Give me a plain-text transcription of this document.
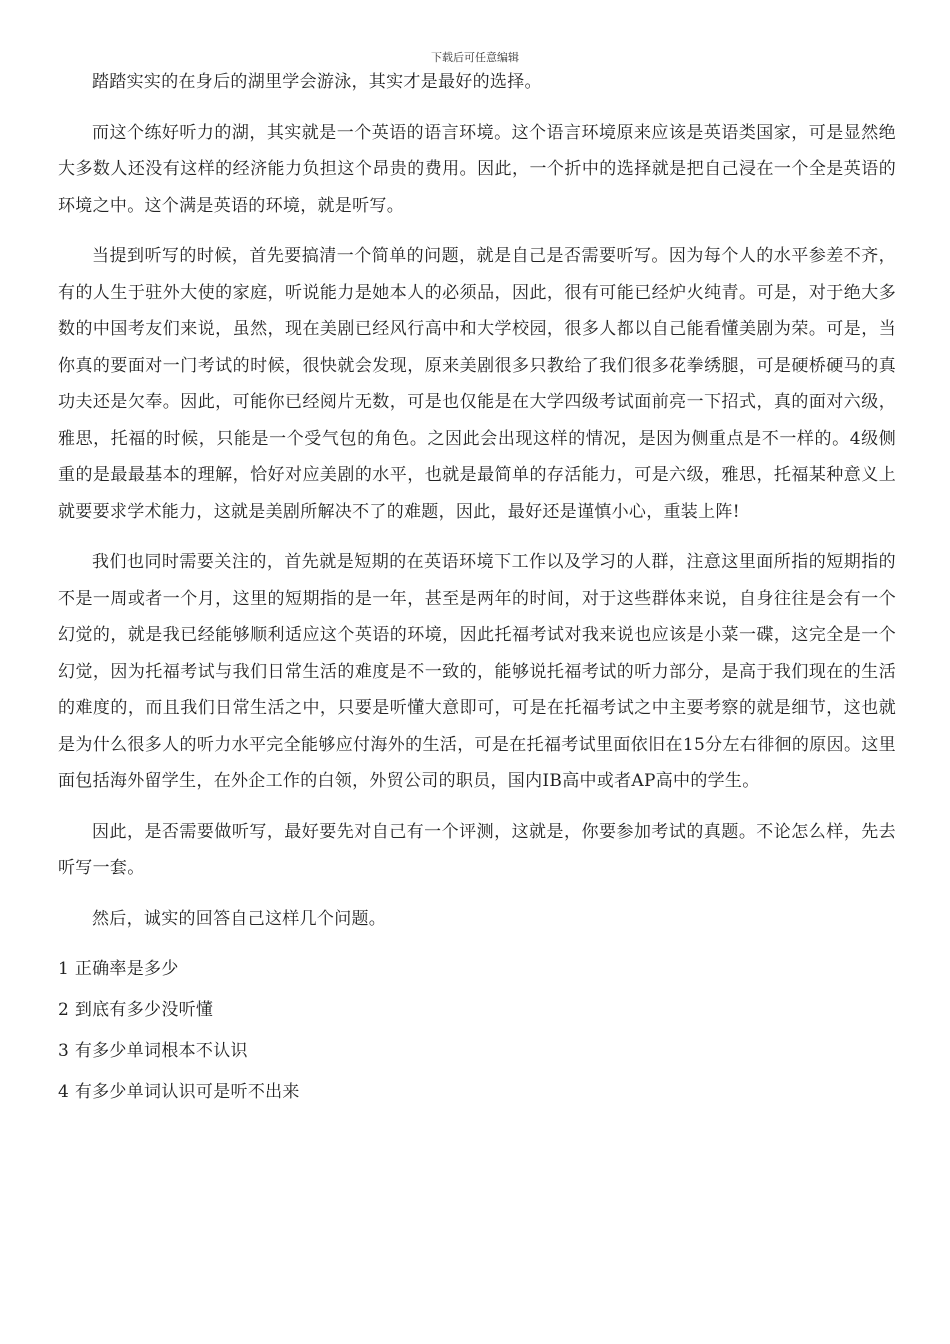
下载后可任意编辑

踏踏实实的在身后的湖里学会游泳，其实才是最好的选择。

而这个练好听力的湖，其实就是一个英语的语言环境。这个语言环境原来应该是英语类国家，可是显然绝大多数人还没有这样的经济能力负担这个昂贵的费用。因此，一个折中的选择就是把自己浸在一个全是英语的环境之中。这个满是英语的环境，就是听写。

当提到听写的时候，首先要搞清一个简单的问题，就是自己是否需要听写。因为每个人的水平参差不齐，有的人生于驻外大使的家庭，听说能力是她本人的必须品，因此，很有可能已经炉火纯青。可是，对于绝大多数的中国考友们来说，虽然，现在美剧已经风行高中和大学校园，很多人都以自己能看懂美剧为荣。可是，当你真的要面对一门考试的时候，很快就会发现，原来美剧很多只教给了我们很多花拳绣腿，可是硬桥硬马的真功夫还是欠奉。因此，可能你已经阅片无数，可是也仅能是在大学四级考试面前亮一下招式，真的面对六级，雅思，托福的时候，只能是一个受气包的角色。之因此会出现这样的情况，是因为侧重点是不一样的。4级侧重的是最最基本的理解，恰好对应美剧的水平，也就是最简单的存活能力，可是六级，雅思，托福某种意义上就要要求学术能力，这就是美剧所解决不了的难题，因此，最好还是谨慎小心，重装上阵!

我们也同时需要关注的，首先就是短期的在英语环境下工作以及学习的人群，注意这里面所指的短期指的不是一周或者一个月，这里的短期指的是一年，甚至是两年的时间，对于这些群体来说，自身往往是会有一个幻觉的，就是我已经能够顺利适应这个英语的环境，因此托福考试对我来说也应该是小菜一碟，这完全是一个幻觉，因为托福考试与我们日常生活的难度是不一致的，能够说托福考试的听力部分，是高于我们现在的生活的难度的，而且我们日常生活之中，只要是听懂大意即可，可是在托福考试之中主要考察的就是细节，这也就是为什么很多人的听力水平完全能够应付海外的生活，可是在托福考试里面依旧在15分左右徘徊的原因。这里面包括海外留学生，在外企工作的白领，外贸公司的职员，国内IB高中或者AP高中的学生。

因此，是否需要做听写，最好要先对自己有一个评测，这就是，你要参加考试的真题。不论怎么样，先去听写一套。

然后，诚实的回答自己这样几个问题。

1 正确率是多少

2 到底有多少没听懂

3 有多少单词根本不认识

4 有多少单词认识可是听不出来
